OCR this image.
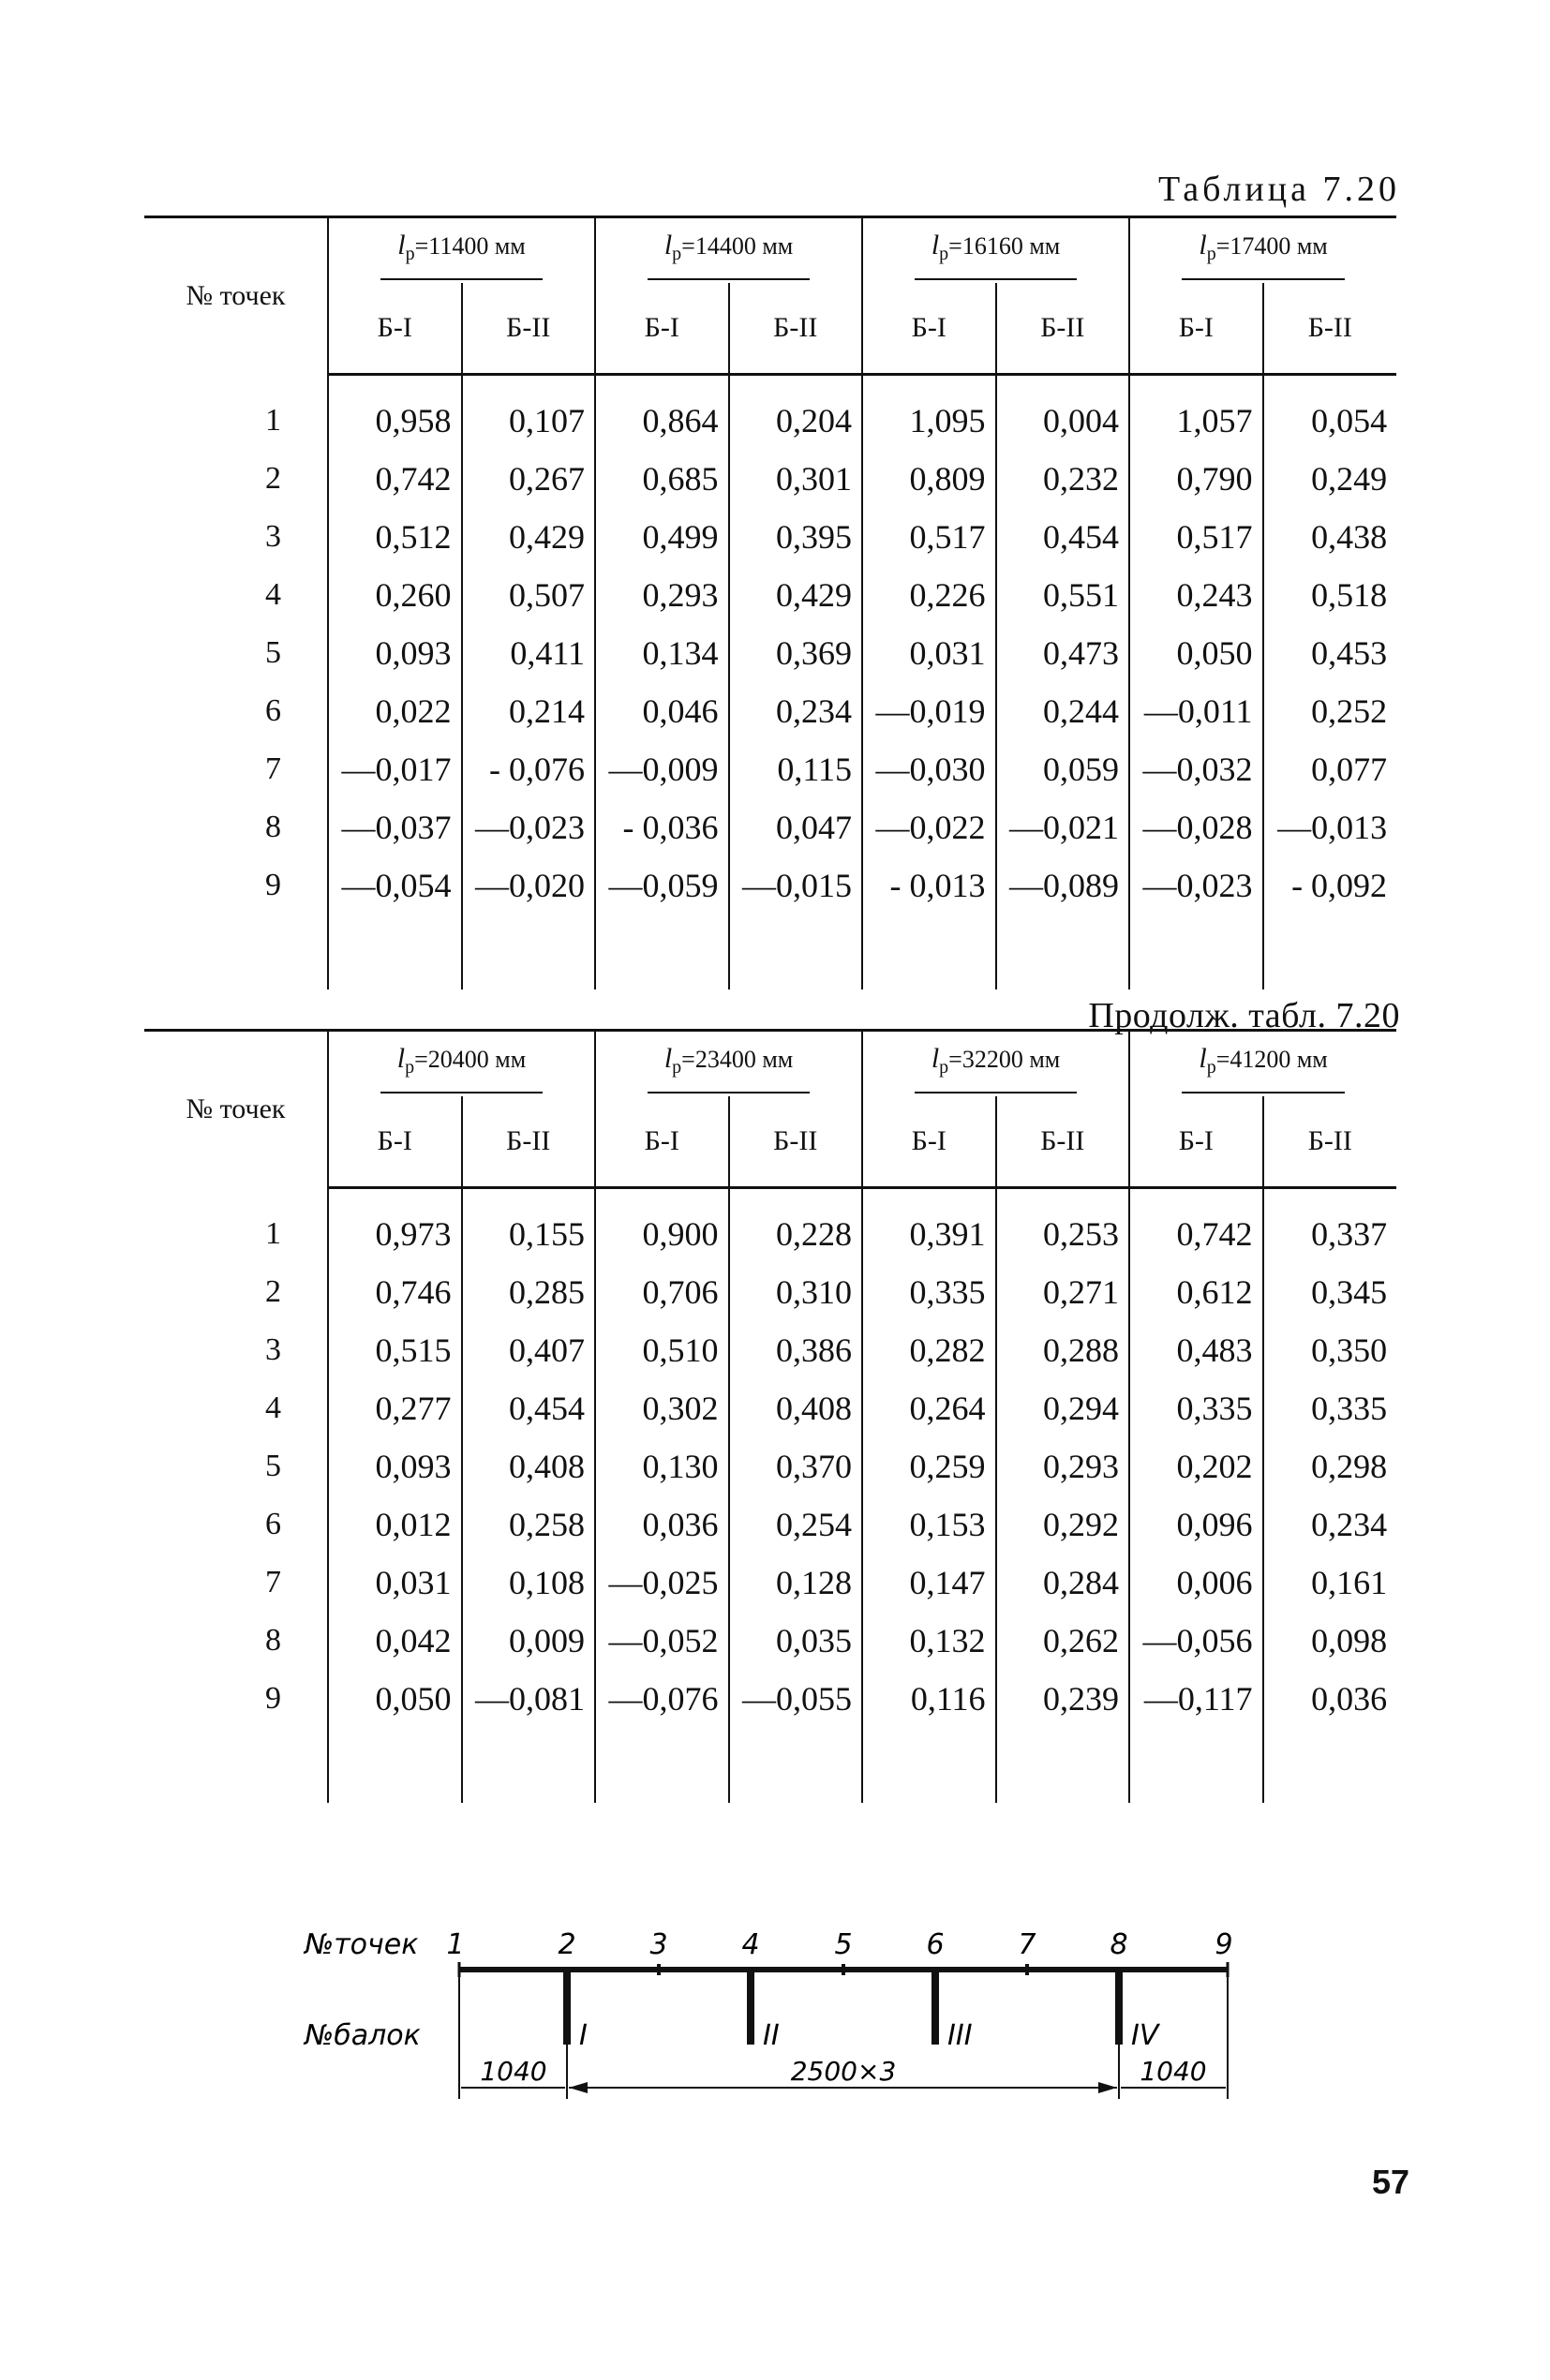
Таблица 7.20
№ точек	$l_р=11400$ мм		$l_р=14400$ мм		$l_р=16160$ мм		$l_р=17400$ мм	
	Б-I	Б-II	Б-I	Б-II	Б-I	Б-II	Б-I	Б-II

1	0,958	0,107	0,864	0,204	1,095	0,004	1,057	0,054
2	0,742	0,267	0,685	0,301	0,809	0,232	0,790	0,249
3	0,512	0,429	0,499	0,395	0,517	0,454	0,517	0,438
4	0,260	0,507	0,293	0,429	0,226	0,551	0,243	0,518
5	0,093	0,411	0,134	0,369	0,031	0,473	0,050	0,453
6	0,022	0,214	0,046	0,234	—0,019	0,244	—0,011	0,252
7	—0,017	- 0,076	—0,009	0,115	—0,030	0,059	—0,032	0,077
8	—0,037	—0,023	- 0,036	0,047	—0,022	—0,021	—0,028	—0,013
9	—0,054	—0,020	—0,059	—0,015	- 0,013	—0,089	—0,023	- 0,092

Продолж. табл. 7.20
№ точек	$l_р=20400$ мм		$l_р=23400$ мм		$l_р=32200$ мм		$l_р=41200$ мм	
	Б-I	Б-II	Б-I	Б-II	Б-I	Б-II	Б-I	Б-II

1	0,973	0,155	0,900	0,228	0,391	0,253	0,742	0,337
2	0,746	0,285	0,706	0,310	0,335	0,271	0,612	0,345
3	0,515	0,407	0,510	0,386	0,282	0,288	0,483	0,350
4	0,277	0,454	0,302	0,408	0,264	0,294	0,335	0,335
5	0,093	0,408	0,130	0,370	0,259	0,293	0,202	0,298
6	0,012	0,258	0,036	0,254	0,153	0,292	0,096	0,234
7	0,031	0,108	—0,025	0,128	0,147	0,284	0,006	0,161
8	0,042	0,009	—0,052	0,035	0,132	0,262	—0,056	0,098
9	0,050	—0,081	—0,076	—0,055	0,116	0,239	—0,117	0,036

№точек
№балок
1	2	3	4	5	6	7	8	9
I	II	III	IV
1040	2500×3	1040
57
